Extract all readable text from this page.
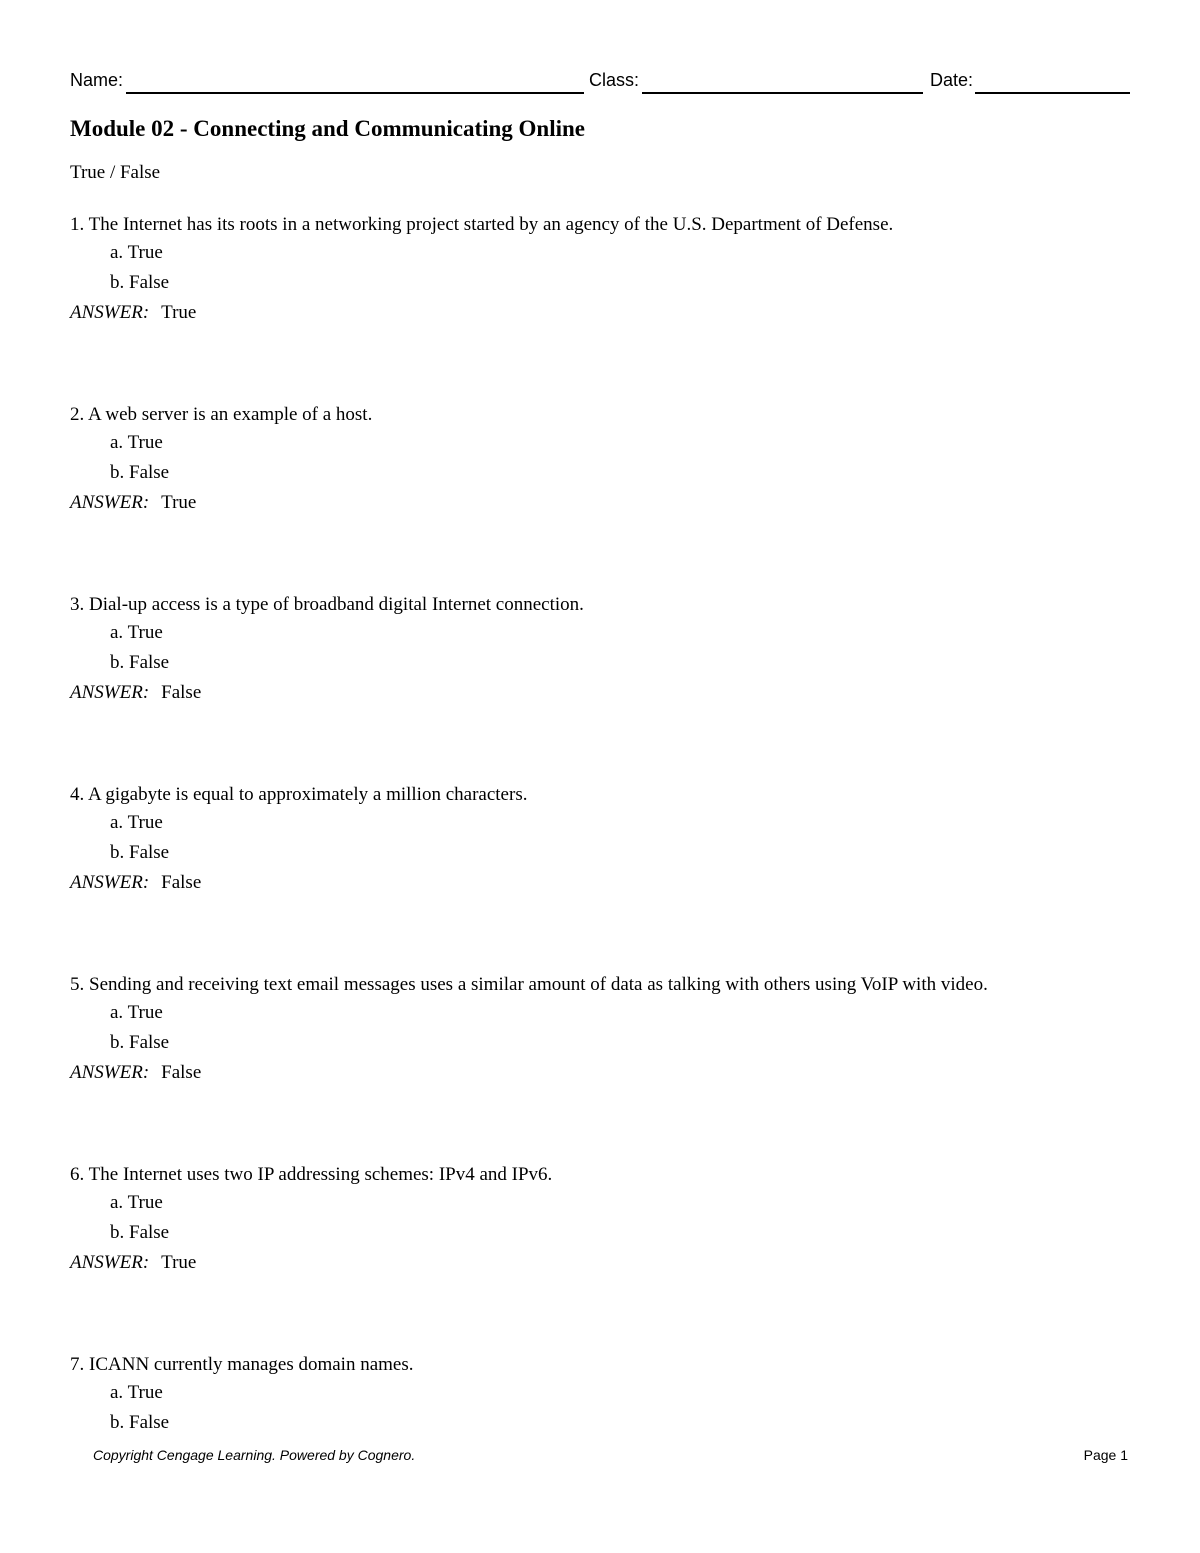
Name:	Class:	Date:
Module 02 - Connecting and Communicating Online
True / False
1. The Internet has its roots in a networking project started by an agency of the U.S. Department of Defense.
a. True
b. False
ANSWER: True
2. A web server is an example of a host.
a. True
b. False
ANSWER: True
3. Dial-up access is a type of broadband digital Internet connection.
a. True
b. False
ANSWER: False
4. A gigabyte is equal to approximately a million characters.
a. True
b. False
ANSWER: False
5. Sending and receiving text email messages uses a similar amount of data as talking with others using VoIP with video.
a. True
b. False
ANSWER: False
6. The Internet uses two IP addressing schemes: IPv4 and IPv6.
a. True
b. False
ANSWER: True
7. ICANN currently manages domain names.
a. True
b. False
Copyright Cengage Learning. Powered by Cognero.	Page 1
